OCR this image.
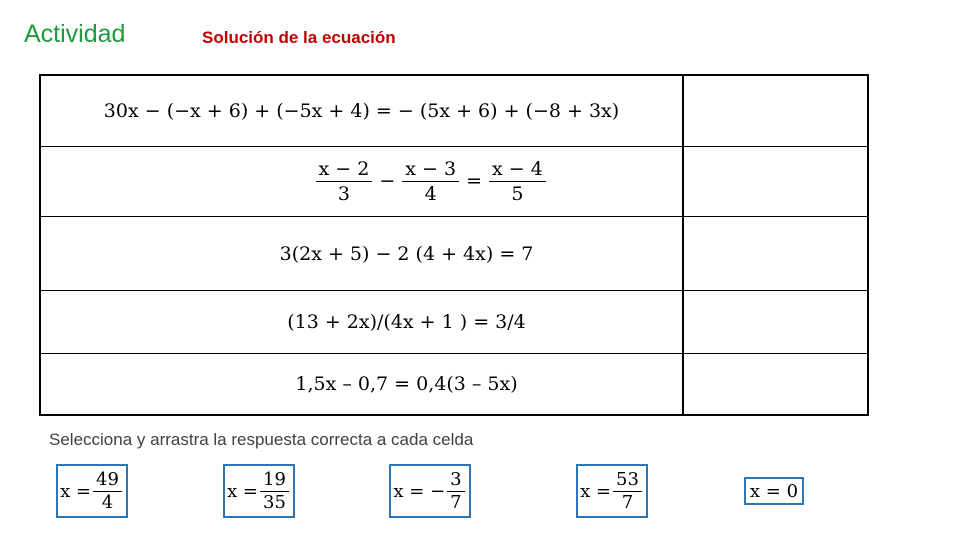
Actividad	Solución de la ecuación
30x − (−x + 6) + (−5x + 4) = − (5x + 6) + (−8 + 3x)

$\frac{x - 2}{3} - \frac{x - 3}{4} = \frac{x - 4}{5}$

3(2x + 5) − 2 (4 + 4x) = 7
(13 + 2x)/(4x + 1 ) = 3/4
1,5x – 0,7 = 0,4(3 – 5x)
Selecciona y arrastra la respuesta correcta a cada celda
$x = \frac{49}{4}$	$x = \frac{19}{35}$	x = − $\frac{3}{7}$	$x = \frac{53}{7}$	x = 0
